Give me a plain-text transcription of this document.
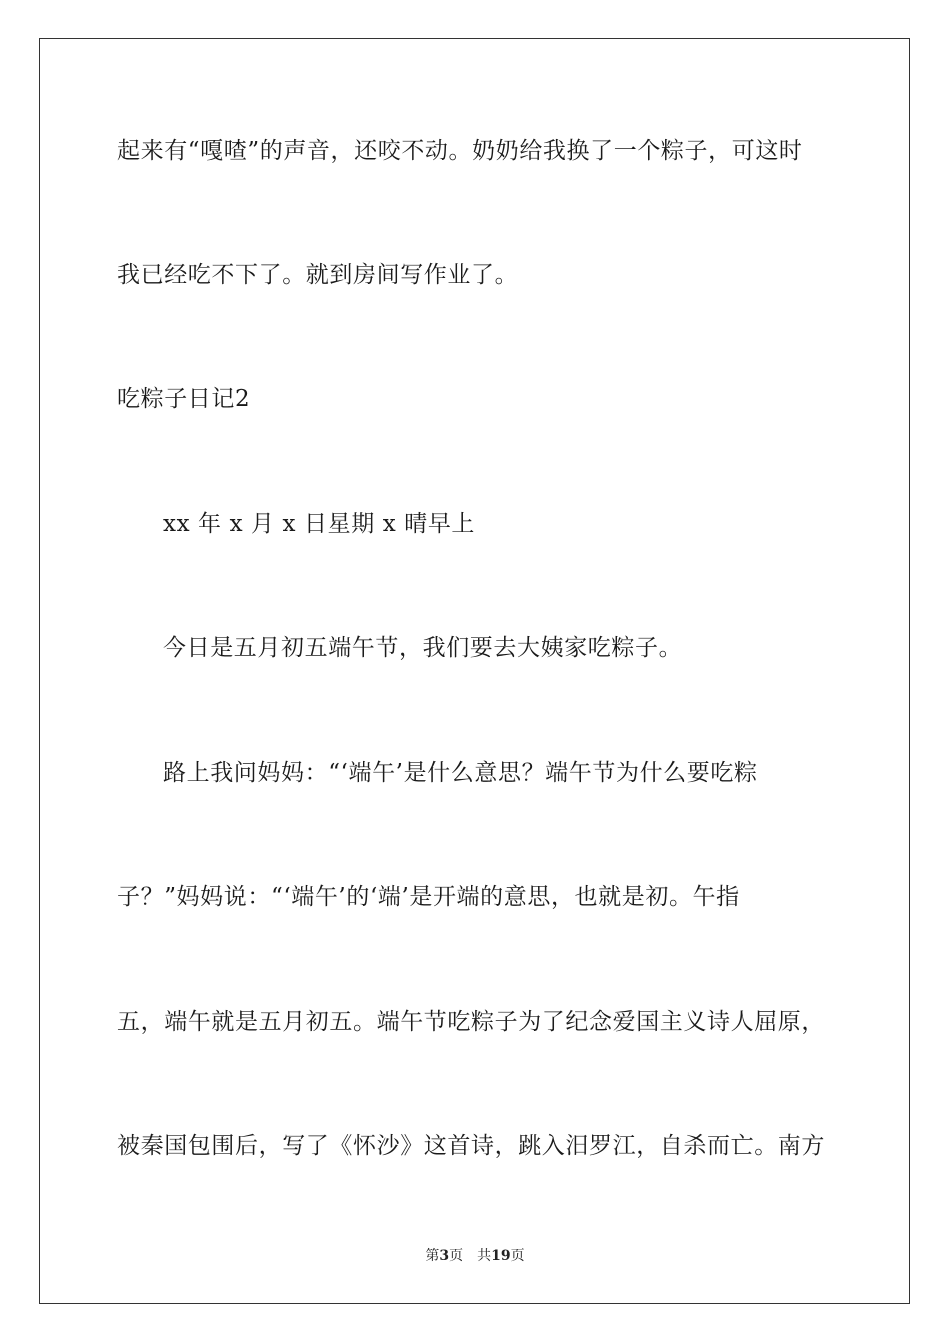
起来有“嘎喳”的声音，还咬不动。奶奶给我换了一个粽子，可这时
我已经吃不下了。就到房间写作业了。
吃粽子日记2
xx 年 x 月 x 日星期 x 晴早上
今日是五月初五端午节，我们要去大姨家吃粽子。
路上我问妈妈：“‘端午’是什么意思？端午节为什么要吃粽
子？”妈妈说：“‘端午’的‘端’是开端的意思，也就是初。午指
五，端午就是五月初五。端午节吃粽子为了纪念爱国主义诗人屈原，
被秦国包围后，写了《怀沙》这首诗，跳入汨罗江，自杀而亡。南方
第3页 共19页
